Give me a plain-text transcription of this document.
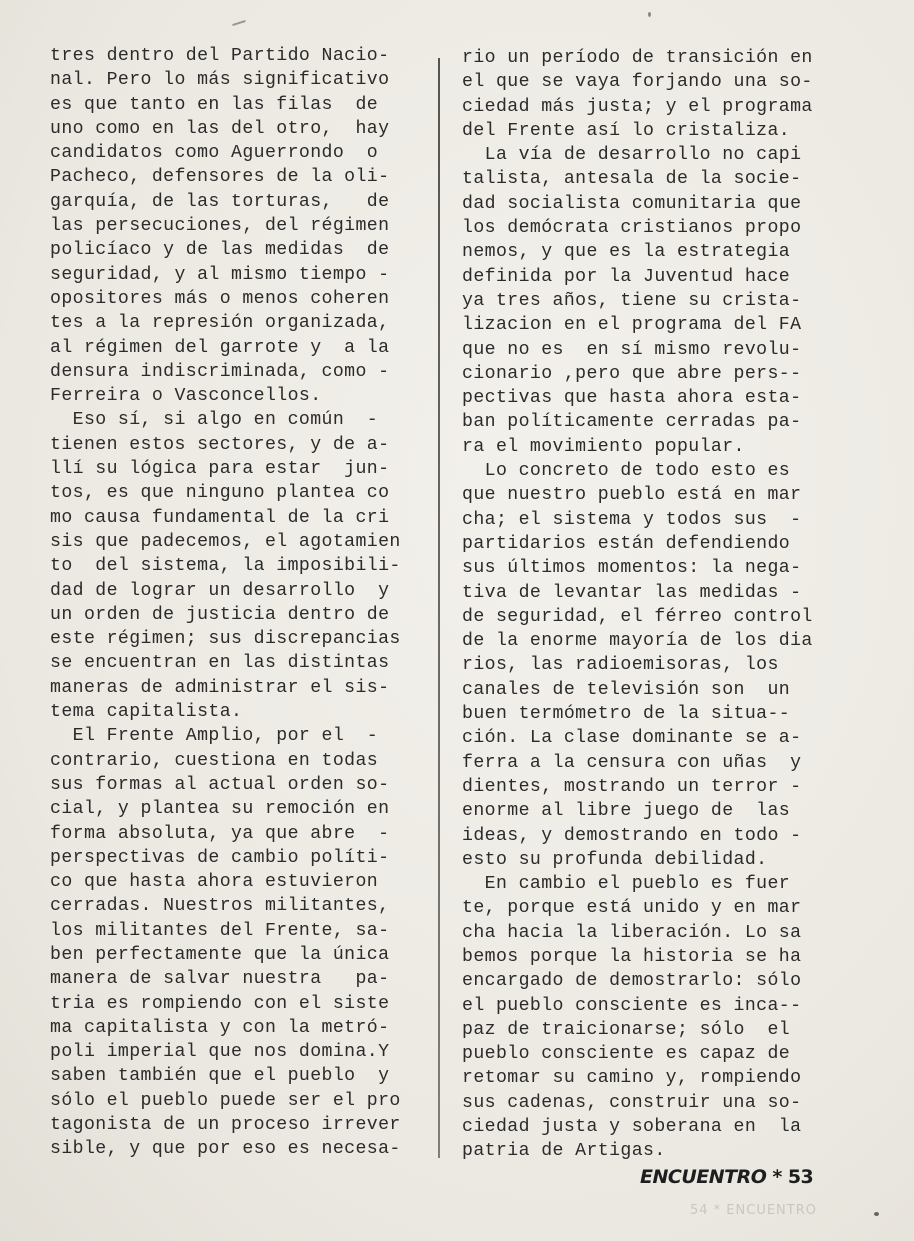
tres dentro del Partido Nacio-
nal. Pero lo más significativo
es que tanto en las filas  de
uno como en las del otro,  hay
candidatos como Aguerrondo  o
Pacheco, defensores de la oli-
garquía, de las torturas,   de
las persecuciones, del régimen
policíaco y de las medidas  de
seguridad, y al mismo tiempo -
opositores más o menos coheren
tes a la represión organizada,
al régimen del garrote y  a la
densura indiscriminada, como -
Ferreira o Vasconcellos.
Eso sí, si algo en común  -
tienen estos sectores, y de a-
llí su lógica para estar  jun-
tos, es que ninguno plantea co
mo causa fundamental de la cri
sis que padecemos, el agotamien
to  del sistema, la imposibili-
dad de lograr un desarrollo  y
un orden de justicia dentro de
este régimen; sus discrepancias
se encuentran en las distintas
maneras de administrar el sis-
tema capitalista.
El Frente Amplio, por el  -
contrario, cuestiona en todas
sus formas al actual orden so-
cial, y plantea su remoción en
forma absoluta, ya que abre  -
perspectivas de cambio políti-
co que hasta ahora estuvieron
cerradas. Nuestros militantes,
los militantes del Frente, sa-
ben perfectamente que la única
manera de salvar nuestra   pa-
tria es rompiendo con el siste
ma capitalista y con la metró-
poli imperial que nos domina.Y
saben también que el pueblo  y
sólo el pueblo puede ser el pro
tagonista de un proceso irrever
sible, y que por eso es necesa-
rio un período de transición en
el que se vaya forjando una so-
ciedad más justa; y el programa
del Frente así lo cristaliza.
La vía de desarrollo no capi
talista, antesala de la socie-
dad socialista comunitaria que
los demócrata cristianos propo
nemos, y que es la estrategia
definida por la Juventud hace
ya tres años, tiene su crista-
lizacion en el programa del FA
que no es  en sí mismo revolu-
cionario ,pero que abre pers--
pectivas que hasta ahora esta-
ban políticamente cerradas pa-
ra el movimiento popular.
Lo concreto de todo esto es
que nuestro pueblo está en mar
cha; el sistema y todos sus  -
partidarios están defendiendo
sus últimos momentos: la nega-
tiva de levantar las medidas -
de seguridad, el férreo control
de la enorme mayoría de los dia
rios, las radioemisoras, los
canales de televisión son  un
buen termómetro de la situa--
ción. La clase dominante se a-
ferra a la censura con uñas  y
dientes, mostrando un terror -
enorme al libre juego de  las
ideas, y demostrando en todo -
esto su profunda debilidad.
En cambio el pueblo es fuer
te, porque está unido y en mar
cha hacia la liberación. Lo sa
bemos porque la historia se ha
encargado de demostrarlo: sólo
el pueblo consciente es inca--
paz de traicionarse; sólo  el
pueblo consciente es capaz de
retomar su camino y, rompiendo
sus cadenas, construir una so-
ciedad justa y soberana en  la
patria de Artigas.
ENCUENTRO * 53
54 * ENCUENTRO
